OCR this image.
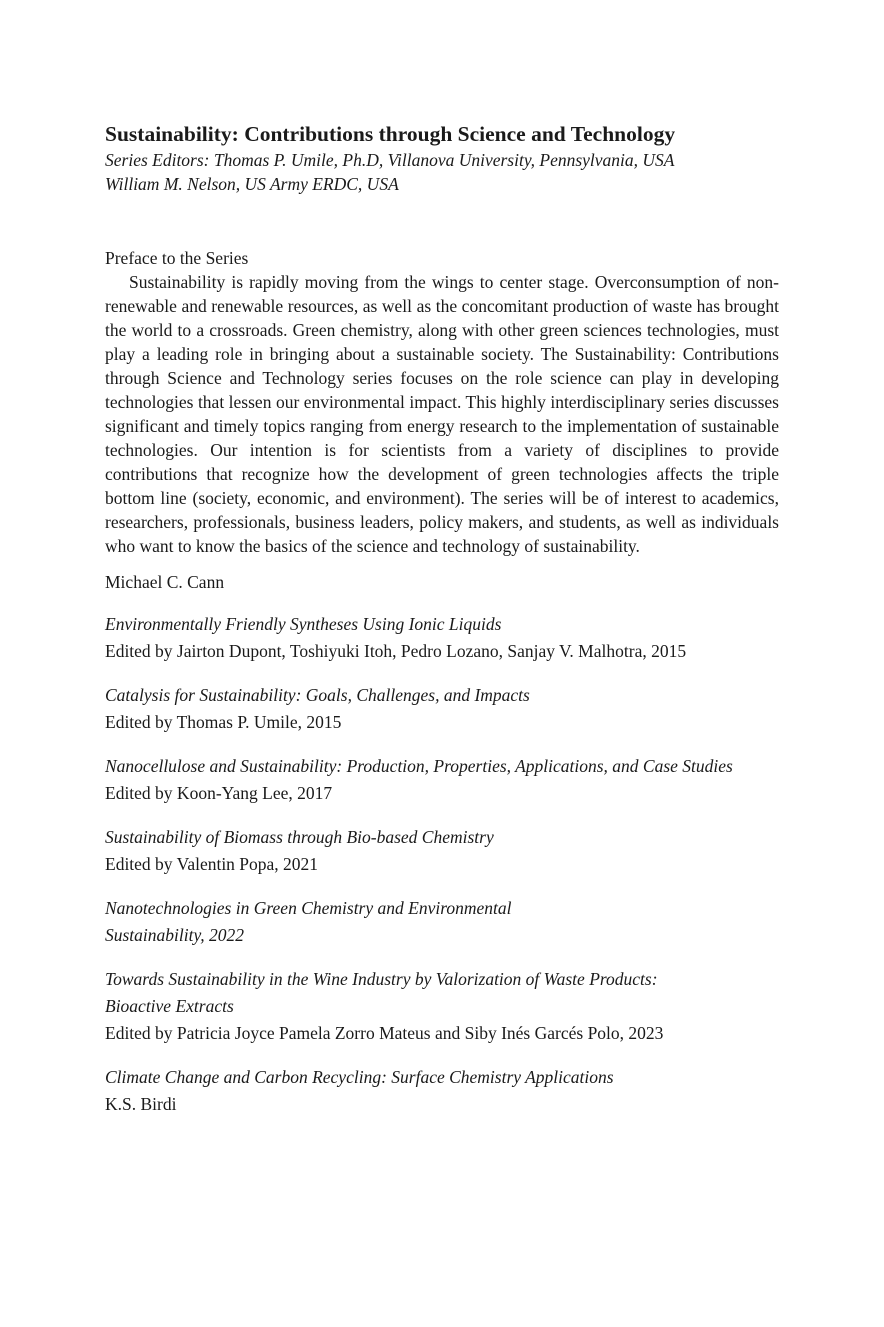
Sustainability: Contributions through Science and Technology

Series Editors: Thomas P. Umile, Ph.D, Villanova University, Pennsylvania, USA

William M. Nelson, US Army ERDC, USA

Preface to the Series

Sustainability is rapidly moving from the wings to center stage. Overconsumption of non-renewable and renewable resources, as well as the concomitant production of waste has brought the world to a crossroads. Green chemistry, along with other green sciences technologies, must play a leading role in bringing about a sustainable society. The Sustainability: Contributions through Science and Technology series focuses on the role science can play in developing technologies that lessen our environmental impact. This highly interdisciplinary series discusses significant and timely topics ranging from energy research to the implementation of sustainable technologies. Our intention is for scientists from a variety of disciplines to provide contributions that recognize how the development of green technologies affects the triple bottom line (society, economic, and environment). The series will be of interest to academics, researchers, professionals, business leaders, policy makers, and students, as well as individuals who want to know the basics of the science and technology of sustainability.

Michael C. Cann

Environmentally Friendly Syntheses Using Ionic Liquids

Edited by Jairton Dupont, Toshiyuki Itoh, Pedro Lozano, Sanjay V. Malhotra, 2015

Catalysis for Sustainability: Goals, Challenges, and Impacts

Edited by Thomas P. Umile, 2015

Nanocellulose and Sustainability: Production, Properties, Applications, and Case Studies

Edited by Koon-Yang Lee, 2017

Sustainability of Biomass through Bio-based Chemistry

Edited by Valentin Popa, 2021

Nanotechnologies in Green Chemistry and Environmental
Sustainability, 2022

Towards Sustainability in the Wine Industry by Valorization of Waste Products:
Bioactive Extracts

Edited by Patricia Joyce Pamela Zorro Mateus and Siby Inés Garcés Polo, 2023

Climate Change and Carbon Recycling: Surface Chemistry Applications

K.S. Birdi
